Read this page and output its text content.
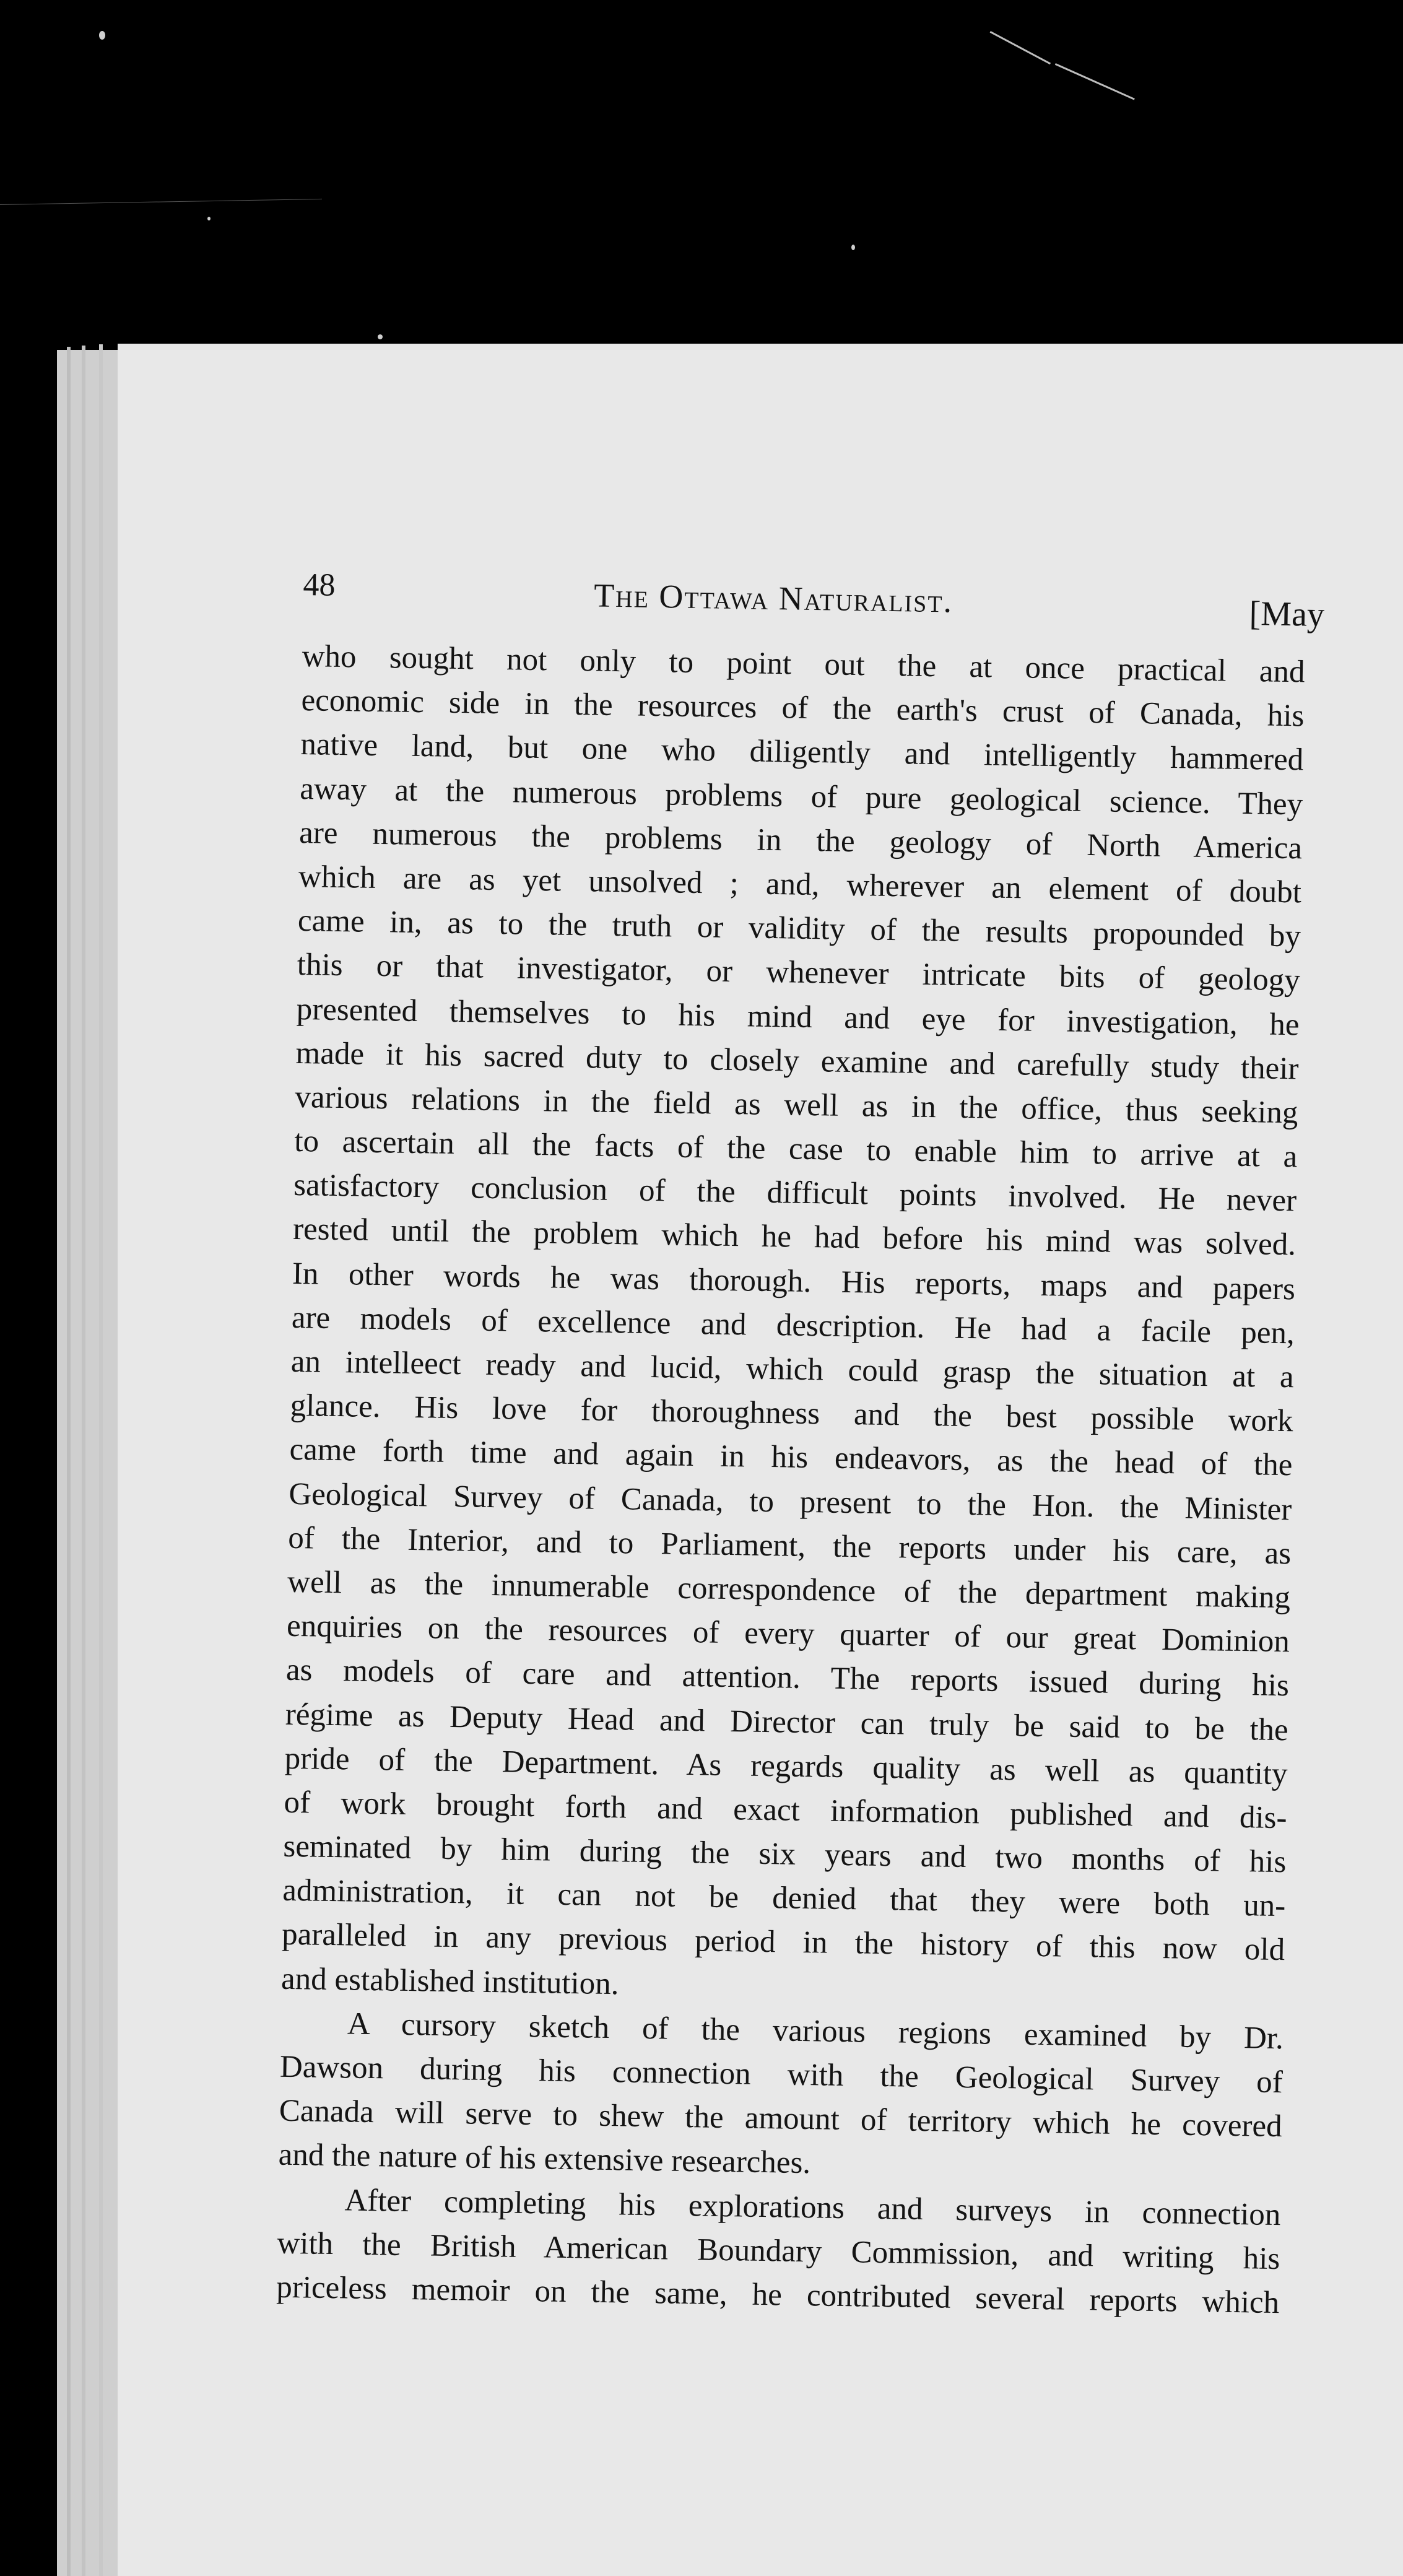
48	The Ottawa Naturalist.	[May
who sought not only to point out the at once practical and
economic side in the resources of the earth's crust of Canada, his
native land, but one who diligently and intelligently hammered
away at the numerous problems of pure geological science. They
are numerous the problems in the geology of North America
which are as yet unsolved ; and, wherever an element of doubt
came in, as to the truth or validity of the results propounded by
this or that investigator, or whenever intricate bits of geology
presented themselves to his mind and eye for investigation, he
made it his sacred duty to closely examine and carefully study their
various relations in the field as well as in the office, thus seeking
to ascertain all the facts of the case to enable him to arrive at a
satisfactory conclusion of the difficult points involved. He never
rested until the problem which he had before his mind was solved.
In other words he was thorough. His reports, maps and papers
are models of excellence and description. He had a facile pen,
an intelleect ready and lucid, which could grasp the situation at a
glance. His love for thoroughness and the best possible work
came forth time and again in his endeavors, as the head of the
Geological Survey of Canada, to present to the Hon. the Minister
of the Interior, and to Parliament, the reports under his care, as
well as the innumerable correspondence of the department making
enquiries on the resources of every quarter of our great Dominion
as models of care and attention. The reports issued during his
régime as Deputy Head and Director can truly be said to be the
pride of the Department. As regards quality as well as quantity
of work brought forth and exact information published and dis-
seminated by him during the six years and two months of his
administration, it can not be denied that they were both un-
paralleled in any previous period in the history of this now old
and established institution.
A cursory sketch of the various regions examined by Dr.
Dawson during his connection with the Geological Survey of
Canada will serve to shew the amount of territory which he covered
and the nature of his extensive researches.
After completing his explorations and surveys in connection
with the British American Boundary Commission, and writing his
priceless memoir on the same, he contributed several reports which
